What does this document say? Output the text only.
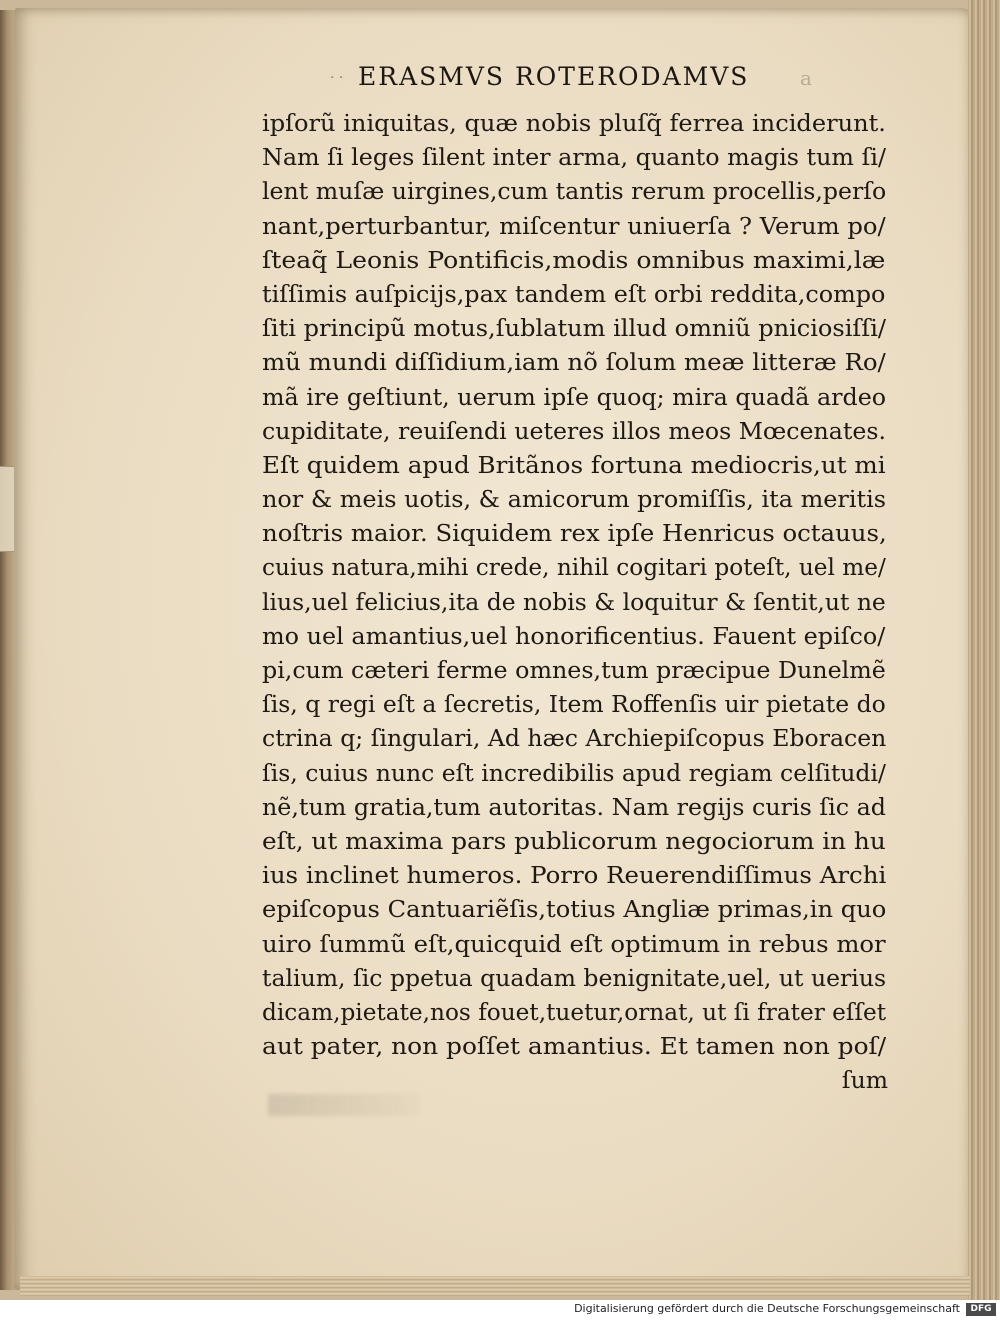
· · ERASMVS ROTERODAMVS	a
ipſorũ iniquitas, quæ nobis pluſq̃ ferrea inciderunt.
Nam ſi leges ſilent inter arma, quanto magis tum ſi/
lent muſæ uirgines,cum tantis rerum procellis,perſo
nant,perturbantur, miſcentur uniuerſa ? Verum po/
ſteaq̃ Leonis Pontificis,modis omnibus maximi,læ
tiſſimis auſpicijs,pax tandem eſt orbi reddita,compo
ſiti principũ motus,ſublatum illud omniũ pniciosiſſi/
mũ mundi diſſidium,iam nõ ſolum meæ litteræ Ro/
mã ire geſtiunt, uerum ipſe quoq; mira quadã ardeo
cupiditate, reuiſendi ueteres illos meos Mœcenates.
Eſt quidem apud Britãnos fortuna mediocris,ut mi
nor & meis uotis, & amicorum promiſſis, ita meritis
noſtris maior. Siquidem rex ipſe Henricus octauus,
cuius natura,mihi crede, nihil cogitari poteſt, uel me/
lius,uel felicius,ita de nobis & loquitur & ſentit,ut ne
mo uel amantius,uel honorificentius. Fauent epiſco/
pi,cum cæteri ferme omnes,tum præcipue Dunelmẽ
ſis, q regi eſt a ſecretis, Item Roffenſis uir pietate do
ctrina q; ſingulari, Ad hæc Archiepiſcopus Eboracen
ſis, cuius nunc eſt incredibilis apud regiam celſitudi/
nẽ,tum gratia,tum autoritas. Nam regijs curis ſic ad
eſt, ut maxima pars publicorum negociorum in hu
ius inclinet humeros. Porro Reuerendiſſimus Archi
epiſcopus Cantuariẽſis,totius Angliæ primas,in quo
uiro ſummũ eſt,quicquid eſt optimum in rebus mor
talium, ſic ppetua quadam benignitate,uel, ut uerius
dicam,pietate,nos fouet,tuetur,ornat, ut ſi frater eſſet
aut pater, non poſſet amantius. Et tamen non poſ/
ſum
Digitalisierung gefördert durch die Deutsche Forschungsgemeinschaft	DFG
